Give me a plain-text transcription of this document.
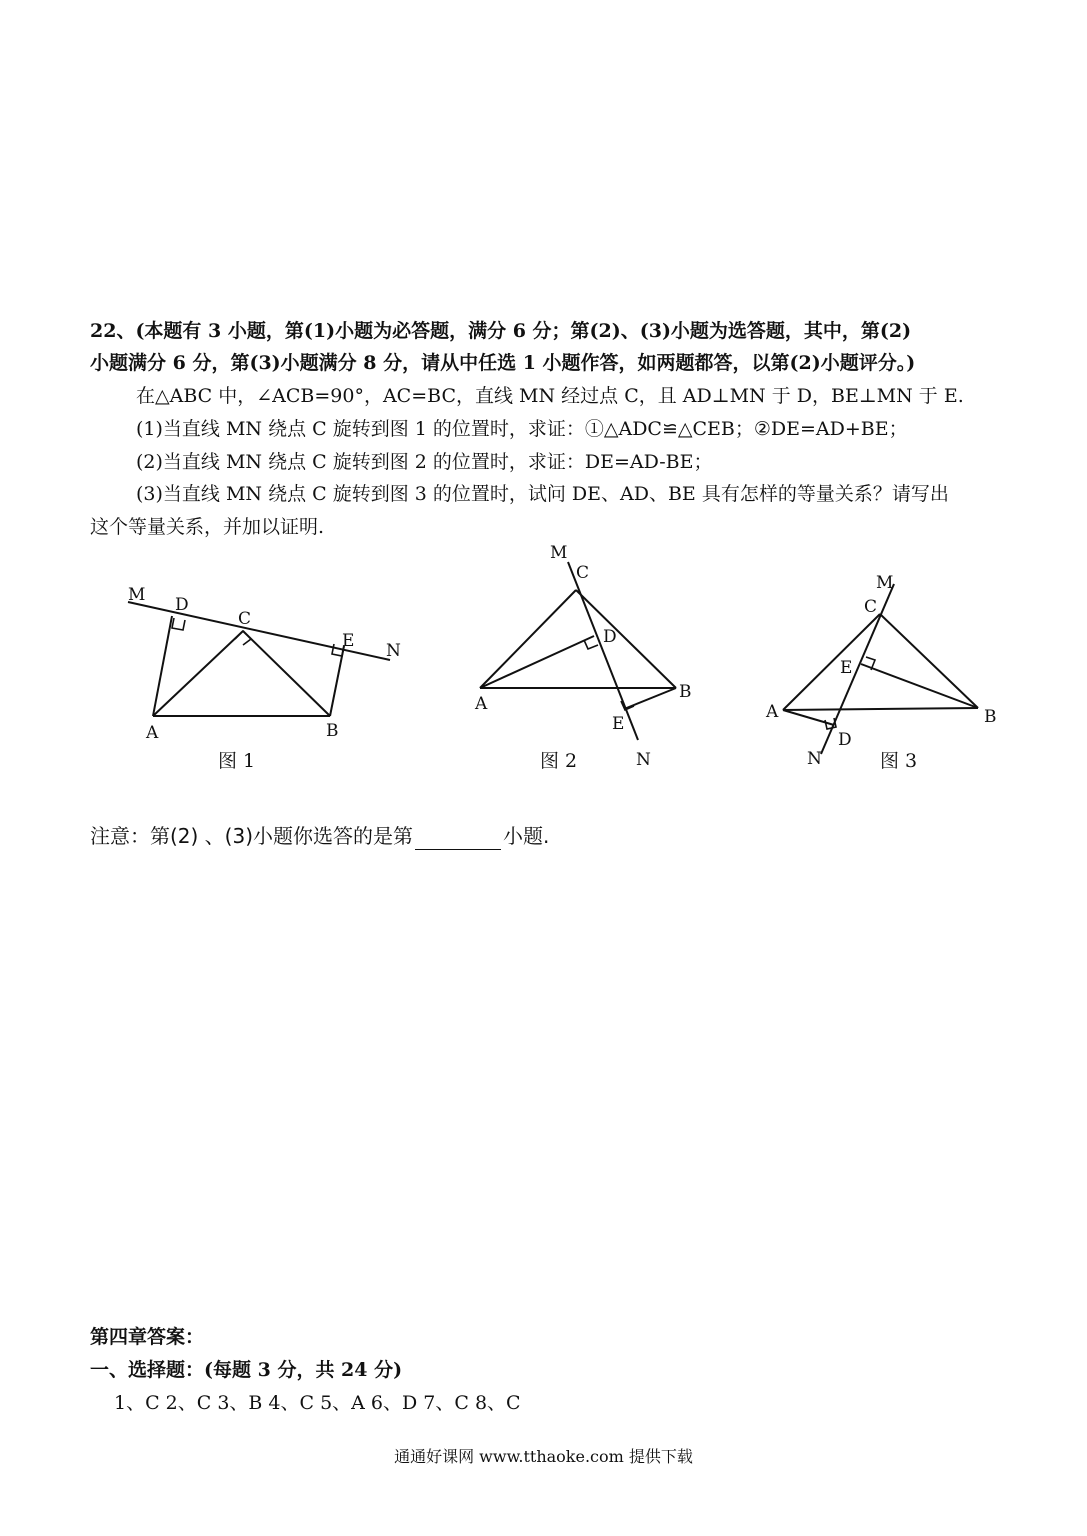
22、(本题有 3 小题，第(1)小题为必答题，满分 6 分；第(2)、(3)小题为选答题，其中，第(2)
小题满分 6 分，第(3)小题满分 8 分，请从中任选 1 小题作答，如两题都答，以第(2)小题评分。)
在△ABC 中，∠ACB=90°，AC=BC，直线 MN 经过点 C，且 AD⊥MN 于 D，BE⊥MN 于 E.
(1)当直线 MN 绕点 C 旋转到图 1 的位置时，求证：①△ADC≌△CEB；②DE=AD+BE；
(2)当直线 MN 绕点 C 旋转到图 2 的位置时，求证：DE=AD-BE；
(3)当直线 MN 绕点 C 旋转到图 3 的位置时，试问 DE、AD、BE 具有怎样的等量关系？请写出
这个等量关系，并加以证明.
M D
C
E N
A	B
图 1
M
C
D
A
B
E
N
图 2
M
C
E
A	B
N
D
图 3
注意：第(2) 、(3)小题你选答的是第	小题.
第四章答案：
一、选择题：(每题 3 分，共 24 分)
1、C 2、C 3、B 4、C 5、A 6、D 7、C 8、C
通通好课网 www.tthaoke.com 提供下载
